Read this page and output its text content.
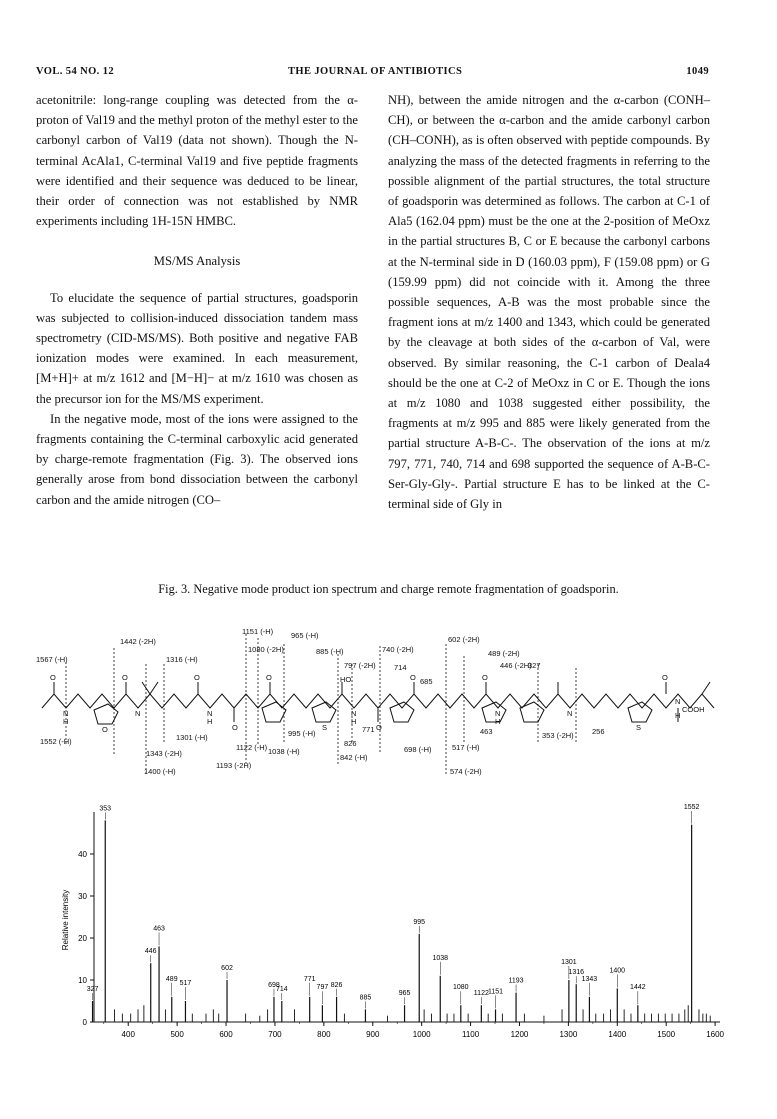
VOL. 54 NO. 12	THE JOURNAL OF ANTIBIOTICS	1049

acetonitrile: long-range coupling was detected from the α-proton of Val19 and the methyl proton of the methyl ester to the carbonyl carbon of Val19 (data not shown). Though the N-terminal AcAla1, C-terminal Val19 and five peptide fragments were identified and their sequence was deduced to be linear, their order of connection was not established by NMR experiments including 1H-15N HMBC.

MS/MS Analysis

To elucidate the sequence of partial structures, goadsporin was subjected to collision-induced dissociation tandem mass spectrometry (CID-MS/MS). Both positive and negative FAB ionization modes were examined. In each measurement, [M+H]+ at m/z 1612 and [M−H]− at m/z 1610 was chosen as the precursor ion for the MS/MS experiment.

In the negative mode, most of the ions were assigned to the fragments containing the C-terminal carboxylic acid generated by charge-remote fragmentation (Fig. 3). The observed ions generally arose from bond dissociation between the carbonyl carbon and the amide nitrogen (CO–

NH), between the amide nitrogen and the α-carbon (CONH–CH), or between the α-carbon and the amide carbonyl carbon (CH–CONH), as is often observed with peptide compounds. By analyzing the mass of the detected fragments in referring to the possible alignment of the partial structures, the total structure of goadsporin was determined as follows. The carbon at C-1 of Ala5 (162.04 ppm) must be the one at the 2-position of MeOxz in the partial structures B, C or E because the carbonyl carbons at the N-terminal side in D (160.03 ppm), F (159.08 ppm) or G (159.99 ppm) did not coincide with it. Among the three possible sequences, A-B was the most probable since the fragment ions at m/z 1400 and 1343, which could be generated by the cleavage at both sides of the α-carbon of Val, were observed. By similar reasoning, the C-1 carbon of Deala4 should be the one at C-2 of MeOxz in C or E. Though the ions at m/z 1080 and 1038 suggested either possibility, the fragments at m/z 995 and 885 were likely generated from the partial structure A-B-C-. The observation of the ions at m/z 797, 771, 740, 714 and 698 supported the sequence of A-B-C-Ser-Gly-Gly-. Partial structure E has to be linked at the C-terminal side of Gly in

Fig. 3. Negative mode product ion spectrum and charge remote fragmentation of goadsporin.
1151 (-H) 965 (-H)
1442 (-2H)
1080 (-2H)	885 (-H)	740 (-2H)
602 (-2H)
1567 (-H)	1316 (-H)
797 (-2H) 714
489 (-2H)
446 (-2H)
327
685
HO
1552 (-H)	1301 (-H)	995 (-H)	771
826
463	353 (-2H) 256
1343 (-2H)
1122 (-H) 1038 (-H)
842 (-H)
698 (-H)	517 (-H)
1400 (-H)
1193 (-2H)
574 (-2H)
COOH
O	O	O	O	O	O	O
O	O	O
N	N	N	N	N	N
N
H	H	H	H
H
S	S
353	1552
995
463
446
1038
602
1301
1316	1400
1193
489
698
771
826
1343
327
517
714	797
965
1080
1122
1442
885
1151
400	500	600	700	800	900	1000	1100	1200	1300	1400	1500	1600
0
10
20
30
40
Relative intensity
